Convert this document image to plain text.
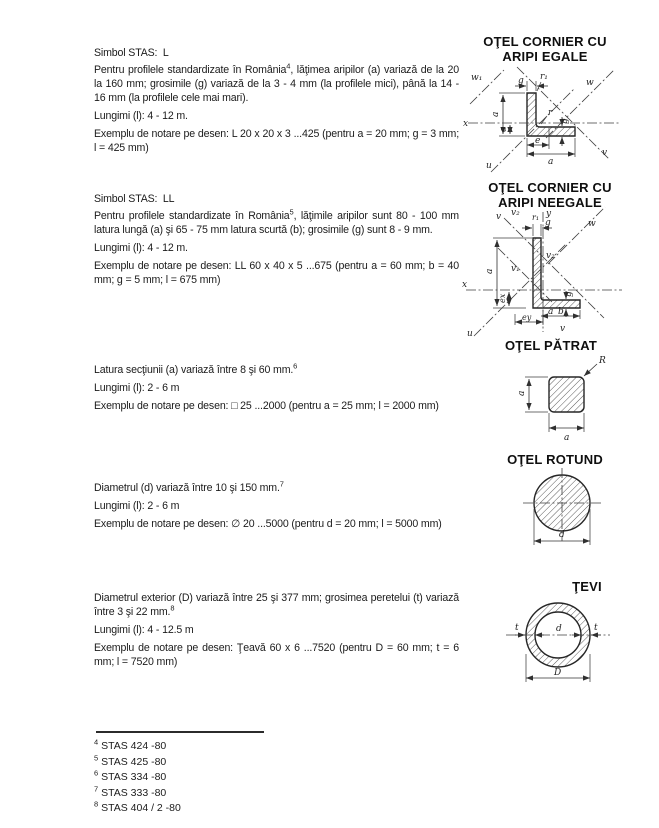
Simbol STAS:  L

Pentru profilele standardizate în România$^4$, lăţimea aripilor (a) variază de la 20 la 160 mm; grosimile (g) variază de la 3 - 4 mm (la profilele mici), până la 14 - 16 mm (la profilele cele mai mari).

Lungimi (l): 4 - 12 m.

Exemplu de notare pe desen: L 20 x 20 x 3 ...425 (pentru a = 20 mm; g = 3 mm; l = 425 mm)

OŢEL CORNIER CU
ARIPI EGALE
x
u
v
w
w₁
a
g r₁
r
e
e
a
g

Simbol STAS:  LL

Pentru profilele standardizate în România$^5$, lăţimile aripilor sunt 80 - 100 mm latura lungă (a) şi 65 - 75 mm latura scurtă (b); grosimile (g) sunt 8 - 9 mm.

Lungimi (l): 4 - 12 m.

Exemplu de notare pe desen: LL 60 x 40 x 5 ...675 (pentru a = 60 mm; b = 40 mm; g = 5 mm; l = 675 mm)

OŢEL CORNIER CU
ARIPI NEEGALE
y
x
u
w
v v₂
v₁
v₂
v
a
ex
g
r₁
ey
a b
g

Latura secţiunii (a) variază între 8 şi 60 mm.$^6$

Lungimi (l): 2 - 6 m

Exemplu de notare pe desen: □ 25 ...2000 (pentru a = 25 mm; l = 2000 mm)

OŢEL PĂTRAT
a
a
R

Diametrul (d) variază între 10 şi 150 mm.$^7$

Lungimi (l): 2 - 6 m

Exemplu de notare pe desen: ∅ 20 ...5000 (pentru d = 20 mm; l = 5000 mm)

OŢEL ROTUND
d

Diametrul exterior (D) variază între 25 şi 377 mm; grosimea peretelui (t) variază între 3 şi 22 mm.$^8$

Lungimi (l): 4 - 12.5 m

Exemplu de notare pe desen: Ţeavă 60 x 6 ...7520 (pentru D = 60 mm; t = 6 mm; l = 7520 mm)

ŢEVI
t	t
d
D
$^4$ STAS 424 -80
$^5$ STAS 425 -80
$^6$ STAS 334 -80
$^7$ STAS 333 -80
$^8$ STAS 404 / 2 -80
